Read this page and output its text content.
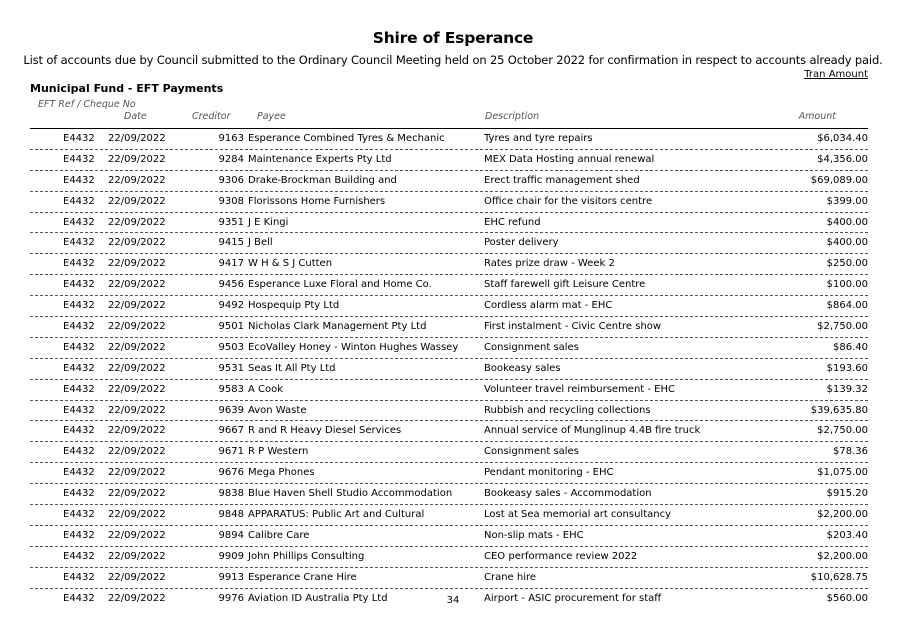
Shire of Esperance
List of accounts due by Council submitted to the Ordinary Council Meeting held on 25 October 2022 for confirmation in respect to accounts already paid.
Tran Amount
Municipal Fund - EFT Payments
EFT Ref / Cheque No
Date	Creditor	Payee	Description	Amount
E4432 22/09/2022	9163 Esperance Combined Tyres & Mechanic	Tyres and tyre repairs	$6,034.40
E4432 22/09/2022	9284 Maintenance Experts Pty Ltd	MEX Data Hosting annual renewal	$4,356.00
E4432 22/09/2022	9306 Drake-Brockman Building and	Erect traffic management shed	$69,089.00
E4432 22/09/2022	9308 Florissons Home Furnishers	Office chair for the visitors centre	$399.00
E4432 22/09/2022	9351 J E Kingi	EHC refund	$400.00
E4432 22/09/2022	9415 J Bell	Poster delivery	$400.00
E4432 22/09/2022	9417 W H & S J Cutten	Rates prize draw - Week 2	$250.00
E4432 22/09/2022	9456 Esperance Luxe Floral and Home Co.	Staff farewell gift Leisure Centre	$100.00
E4432 22/09/2022	9492 Hospequip Pty Ltd	Cordless alarm mat - EHC	$864.00
E4432 22/09/2022	9501 Nicholas Clark Management Pty Ltd	First instalment - Civic Centre show	$2,750.00
E4432 22/09/2022	9503 EcoValley Honey - Winton Hughes Wassey	Consignment sales	$86.40
E4432 22/09/2022	9531 Seas It All Pty Ltd	Bookeasy sales	$193.60
E4432 22/09/2022	9583 A Cook	Volunteer travel reimbursement - EHC	$139.32
E4432 22/09/2022	9639 Avon Waste	Rubbish and recycling collections	$39,635.80
E4432 22/09/2022	9667 R and R Heavy Diesel Services	Annual service of Munglinup 4.4B fire truck	$2,750.00
E4432 22/09/2022	9671 R P Western	Consignment sales	$78.36
E4432 22/09/2022	9676 Mega Phones	Pendant monitoring - EHC	$1,075.00
E4432 22/09/2022	9838 Blue Haven Shell Studio Accommodation	Bookeasy sales - Accommodation	$915.20
E4432 22/09/2022	9848 APPARATUS: Public Art and Cultural	Lost at Sea memorial art consultancy	$2,200.00
E4432 22/09/2022	9894 Calibre Care	Non-slip mats - EHC	$203.40
E4432 22/09/2022	9909 John Phillips Consulting	CEO performance review 2022	$2,200.00
E4432 22/09/2022	9913 Esperance Crane Hire	Crane hire	$10,628.75
E4432 22/09/2022	9976 Aviation ID Australia Pty Ltd	Airport - ASIC procurement for staff	$560.00
34
